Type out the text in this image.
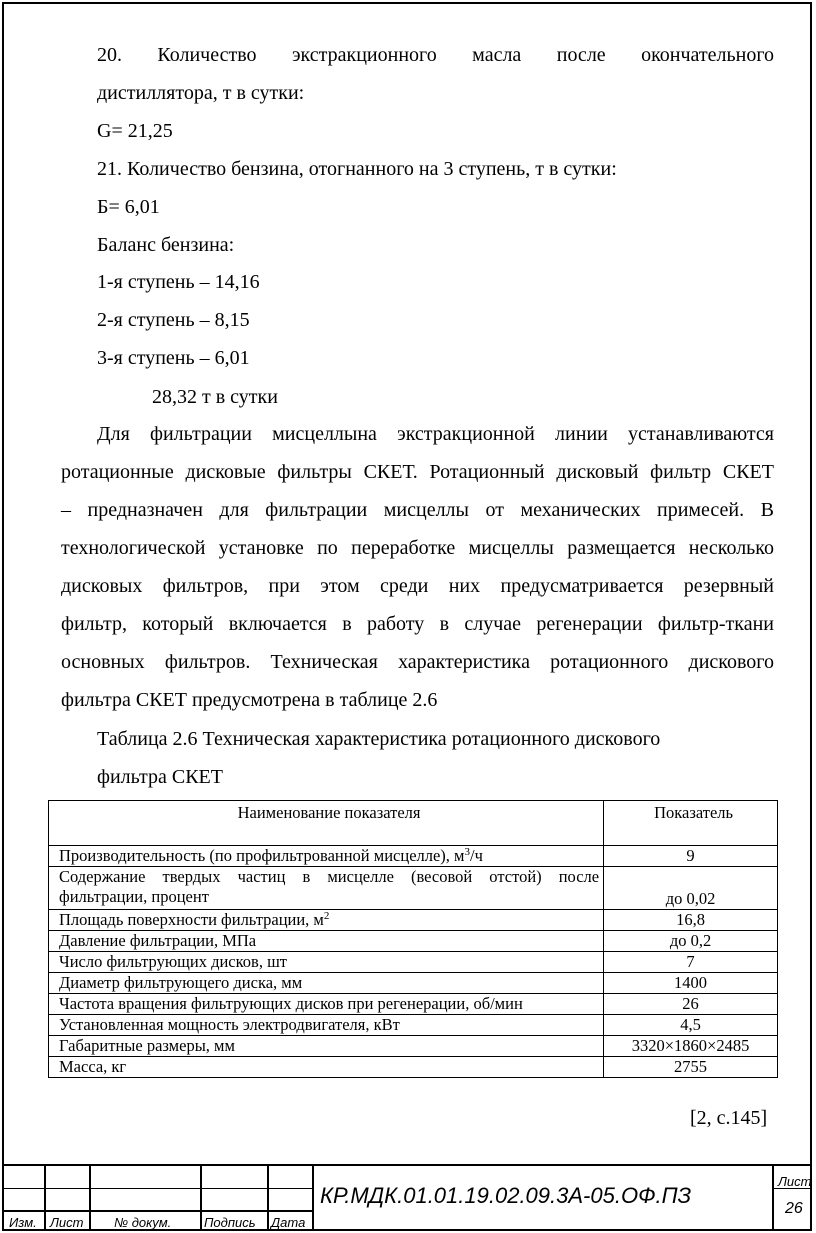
20. Количество экстракционного масла после окончательного
дистиллятора, т в сутки:
G= 21,25
21. Количество бензина, отогнанного на 3 ступень, т в сутки:
Б= 6,01
Баланс бензина:
1-я ступень – 14,16
2-я ступень – 8,15
3-я ступень – 6,01
28,32 т в сутки
Для фильтрации мисцеллына экстракционной линии устанавливаются
ротационные дисковые фильтры СКЕТ. Ротационный дисковый фильтр СКЕТ
– предназначен для фильтрации мисцеллы от механических примесей. В
технологической установке по переработке мисцеллы размещается несколько
дисковых фильтров, при этом среди них предусматривается резервный
фильтр, который включается в работу в случае регенерации фильтр-ткани
основных фильтров. Техническая характеристика ротационного дискового
фильтра СКЕТ предусмотрена в таблице 2.6
Таблица 2.6 Техническая характеристика ротационного дискового
фильтра СКЕТ
Наименование показателя	Показатель
Производительность (по профильтрованной мисцелле), $м^3/ч$	9

Содержание твердых частиц в мисцелле (весовой отстой) после
фильтрации, процент	до 0,02
Площадь поверхности фильтрации, $м^2$	16,8
Давление фильтрации, МПа	до 0,2
Число фильтрующих дисков, шт	7
Диаметр фильтрующего диска, мм	1400
Частота вращения фильтрующих дисков при регенерации, об/мин	26
Установленная мощность электродвигателя, кВт	4,5
Габаритные размеры, мм	3320×1860×2485
Масса, кг	2755
[2, с.145]
Изм. Лист № докум.	Подпись Дата
КР.МДК.01.01.19.02.09.3А-05.ОФ.ПЗ
Лист
26
